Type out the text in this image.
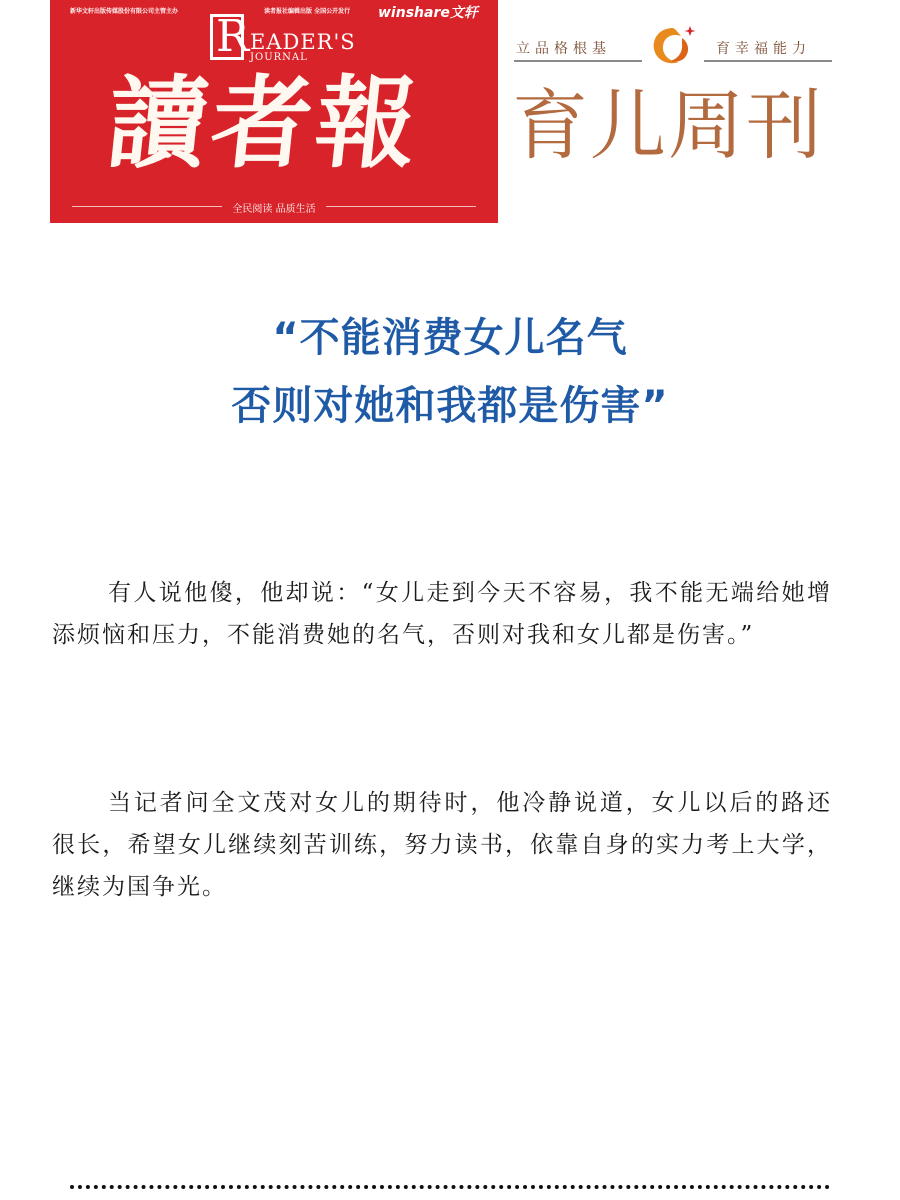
新华文轩出版传媒股份有限公司主管主办	读者报社编辑出版 全国公开发行 winshare文轩
R EADER'S
JOURNAL
讀者報
全民阅读 品质生活
立品格根基	育幸福能力
育儿周刊
“不能消费女儿名气
否则对她和我都是伤害”

有人说他傻，他却说：“女儿走到今天不容易，我不能无端给她增添烦恼和压力，不能消费她的名气，否则对我和女儿都是伤害。”

当记者问全文茂对女儿的期待时，他冷静说道，女儿以后的路还很长，希望女儿继续刻苦训练，努力读书，依靠自身的实力考上大学，继续为国争光。
